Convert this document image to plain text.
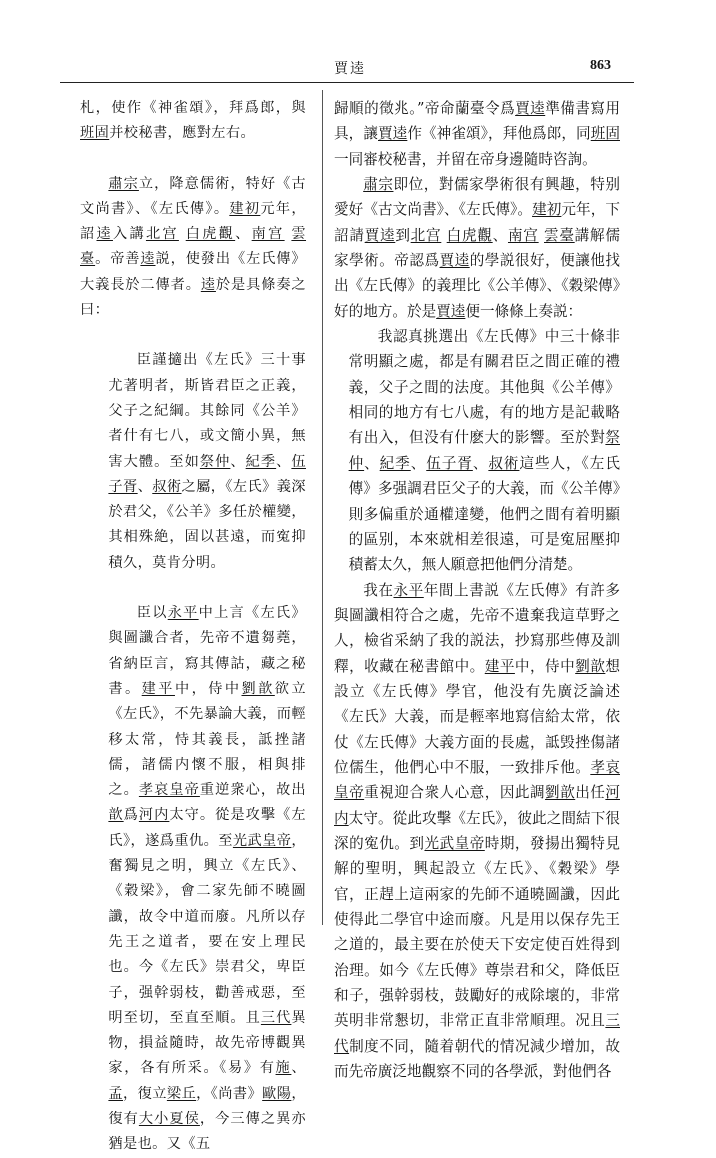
賈逵	863

札，使作《神雀頌》，拜爲郎，與班固并校秘書，應對左右。

肅宗立，降意儒術，特好《古文尚書》、《左氏傳》。建初元年，詔逵入講北宫 白虎觀、南宫 雲臺。帝善逵説，使發出《左氏傳》大義長於二傳者。逵於是具條奏之曰：

臣謹擿出《左氏》三十事尤著明者，斯皆君臣之正義，父子之紀綱。其餘同《公羊》者什有七八，或文簡小異，無害大體。至如祭仲、紀季、伍子胥、叔術之屬，《左氏》義深於君父，《公羊》多任於權變，其相殊絶，固以甚遠，而寃抑積久，莫肯分明。

臣以永平中上言《左氏》與圖讖合者，先帝不遺芻蕘，省納臣言，寫其傳詁，藏之秘書。建平中，侍中劉歆欲立《左氏》，不先暴論大義，而輕移太常，恃其義長，詆挫諸儒，諸儒内懷不服，相與排之。孝哀皇帝重逆衆心，故出歆爲河内太守。從是攻擊《左氏》，遂爲重仇。至光武皇帝，奮獨見之明，興立《左氏》、《穀梁》，會二家先師不曉圖讖，故令中道而廢。凡所以存先王之道者，要在安上理民也。今《左氏》崇君父，卑臣子，强幹弱枝，勸善戒惡，至明至切，至直至順。且三代異物，損益隨時，故先帝博觀異家，各有所采。《易》有施、孟，復立梁丘，《尚書》歐陽，復有大小夏侯，今三傳之異亦猶是也。又《五

歸順的徵兆。”帝命蘭臺令爲賈逵準備書寫用具，讓賈逵作《神雀頌》，拜他爲郎，同班固一同審校秘書，并留在帝身邊隨時咨詢。

肅宗即位，對儒家學術很有興趣，特别愛好《古文尚書》、《左氏傳》。建初元年，下詔請賈逵到北宫 白虎觀、南宫 雲臺講解儒家學術。帝認爲賈逵的學説很好，便讓他找出《左氏傳》的義理比《公羊傳》、《穀梁傳》好的地方。於是賈逵便一條條上奏説：

我認真挑選出《左氏傳》中三十條非常明顯之處，都是有關君臣之間正確的禮義，父子之間的法度。其他與《公羊傳》相同的地方有七八處，有的地方是記載略有出入，但没有什麽大的影響。至於對祭仲、紀季、伍子胥、叔術這些人，《左氏傳》多强調君臣父子的大義，而《公羊傳》則多偏重於通權達變，他們之間有着明顯的區别，本來就相差很遠，可是寃屈壓抑積蓄太久，無人願意把他們分清楚。

我在永平年間上書説《左氏傳》有許多與圖讖相符合之處，先帝不遺棄我這草野之人，檢省采納了我的説法，抄寫那些傳及訓釋，收藏在秘書館中。建平中，侍中劉歆想設立《左氏傳》學官，他没有先廣泛論述《左氏》大義，而是輕率地寫信給太常，依仗《左氏傳》大義方面的長處，詆毁挫傷諸位儒生，他們心中不服，一致排斥他。孝哀皇帝重視迎合衆人心意，因此調劉歆出任河内太守。從此攻擊《左氏》，彼此之間結下很深的寃仇。到光武皇帝時期，發揚出獨特見解的聖明，興起設立《左氏》、《穀梁》學官，正趕上這兩家的先師不通曉圖讖，因此使得此二學官中途而廢。凡是用以保存先王之道的，最主要在於使天下安定使百姓得到治理。如今《左氏傳》尊崇君和父，降低臣和子，强幹弱枝，鼓勵好的戒除壞的，非常英明非常懇切，非常正直非常順理。况且三代制度不同，隨着朝代的情况減少增加，故而先帝廣泛地觀察不同的各學派，對他們各
